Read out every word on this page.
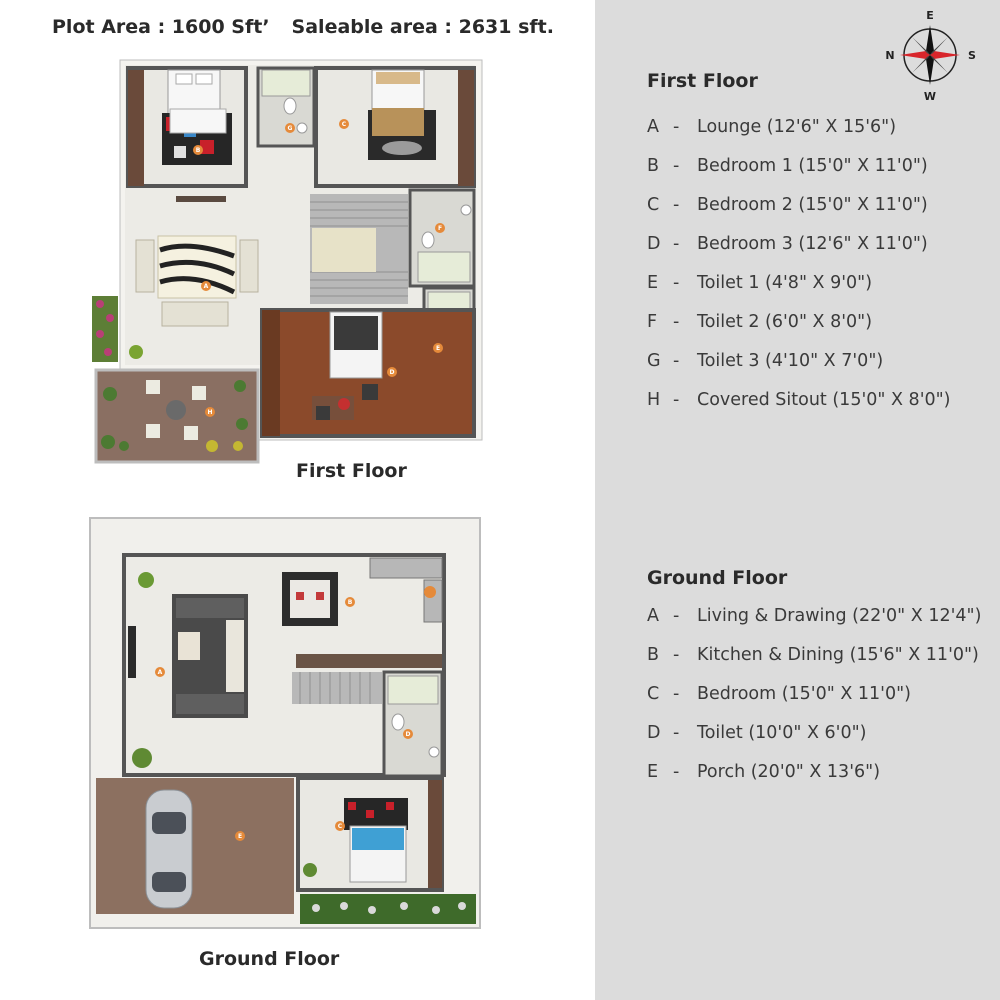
Plot Area : 1600 Sft’ Saleable area : 2631 sft.
A
B
C
D
E
F
G
H
First Floor
A
B
C
D
E
Ground Floor
E
W
N	S
First Floor
A -	Lounge (12'6" X 15'6")
B -	Bedroom 1 (15'0" X 11'0")
C -	Bedroom 2 (15'0" X 11'0")
D -	Bedroom 3 (12'6" X 11'0")
E -	Toilet 1 (4'8" X 9'0")
F -	Toilet 2 (6'0" X 8'0")
G -	Toilet 3 (4'10" X 7'0")
H -	Covered Sitout (15'0" X 8'0")
Ground Floor
A -	Living & Drawing (22'0" X 12'4")
B -	Kitchen & Dining (15'6" X 11'0")
C -	Bedroom (15'0" X 11'0")
D -	Toilet (10'0" X 6'0")
E -	Porch (20'0" X 13'6")
